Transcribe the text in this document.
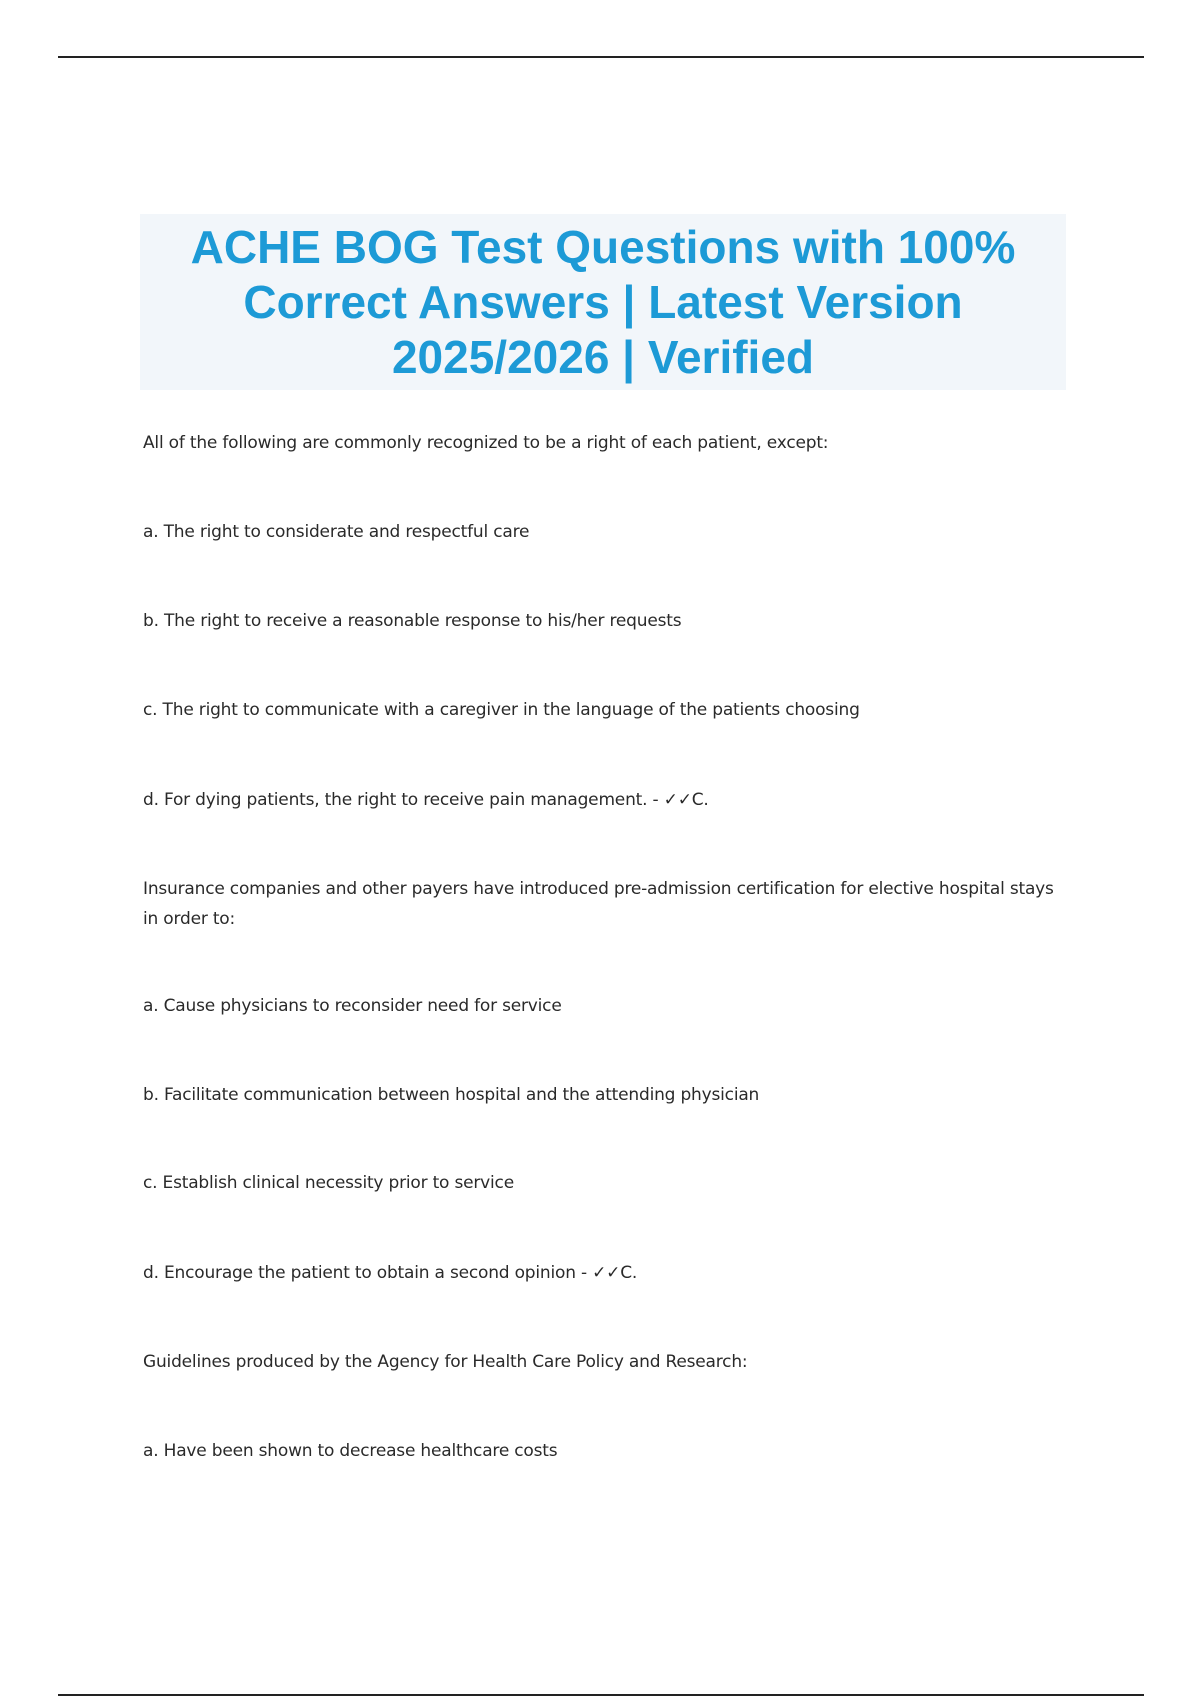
ACHE BOG Test Questions with 100% Correct Answers | Latest Version 2025/2026 | Verified
All of the following are commonly recognized to be a right of each patient, except:
a. The right to considerate and respectful care
b. The right to receive a reasonable response to his/her requests
c. The right to communicate with a caregiver in the language of the patients choosing
d. For dying patients, the right to receive pain management. - ✓✓C.
Insurance companies and other payers have introduced pre-admission certification for elective hospital stays in order to:
a. Cause physicians to reconsider need for service
b. Facilitate communication between hospital and the attending physician
c. Establish clinical necessity prior to service
d. Encourage the patient to obtain a second opinion - ✓✓C.
Guidelines produced by the Agency for Health Care Policy and Research:
a. Have been shown to decrease healthcare costs
